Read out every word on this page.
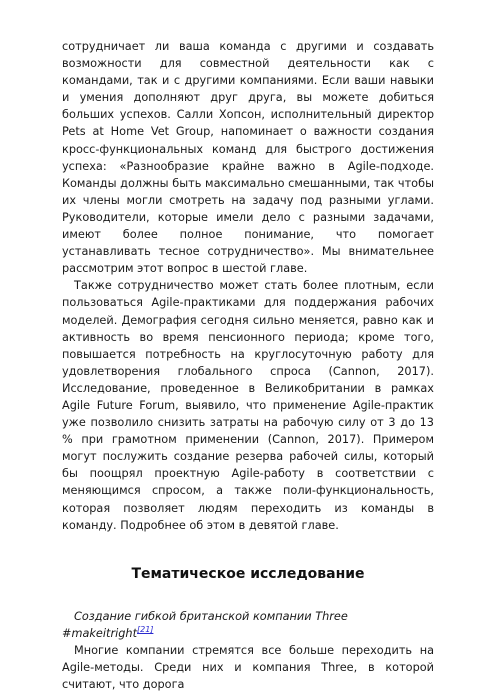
сотрудничает ли ваша команда с другими и создавать возможности для совместной деятельности как с командами, так и с другими компаниями. Если ваши навыки и умения дополняют друг друга, вы можете добиться больших успехов. Салли Хопсон, исполнительный директор Pets at Home Vet Group, напоминает о важности создания кросс-функциональных команд для быстрого достижения успеха: «Разнообразие крайне важно в Agile-подходе. Команды должны быть максимально смешанными, так чтобы их члены могли смотреть на задачу под разными углами. Руководители, которые имели дело с разными задачами, имеют более полное понимание, что помогает устанавливать тесное сотрудничество». Мы внимательнее рассмотрим этот вопрос в шестой главе.

Также сотрудничество может стать более плотным, если пользоваться Agile-практиками для поддержания рабочих моделей. Демография сегодня сильно меняется, равно как и активность во время пенсионного периода; кроме того, повышается потребность на круглосуточную работу для удовлетворения глобального спроса (Cannon, 2017). Исследование, проведенное в Великобритании в рамках Agile Future Forum, выявило, что применение Agile-практик уже позволило снизить затраты на рабочую силу от 3 до 13 % при грамотном применении (Cannon, 2017). Примером могут послужить создание резерва рабочей силы, который бы поощрял проектную Agile-работу в соответствии с меняющимся спросом, а также поли-функциональность, которая позволяет людям переходить из команды в команду. Подробнее об этом в девятой главе.

Тематическое исследование

Создание гибкой британской компании Three #makeitright[21]

Многие компании стремятся все больше переходить на Agile-методы. Среди них и компания Three, в которой считают, что дорога
